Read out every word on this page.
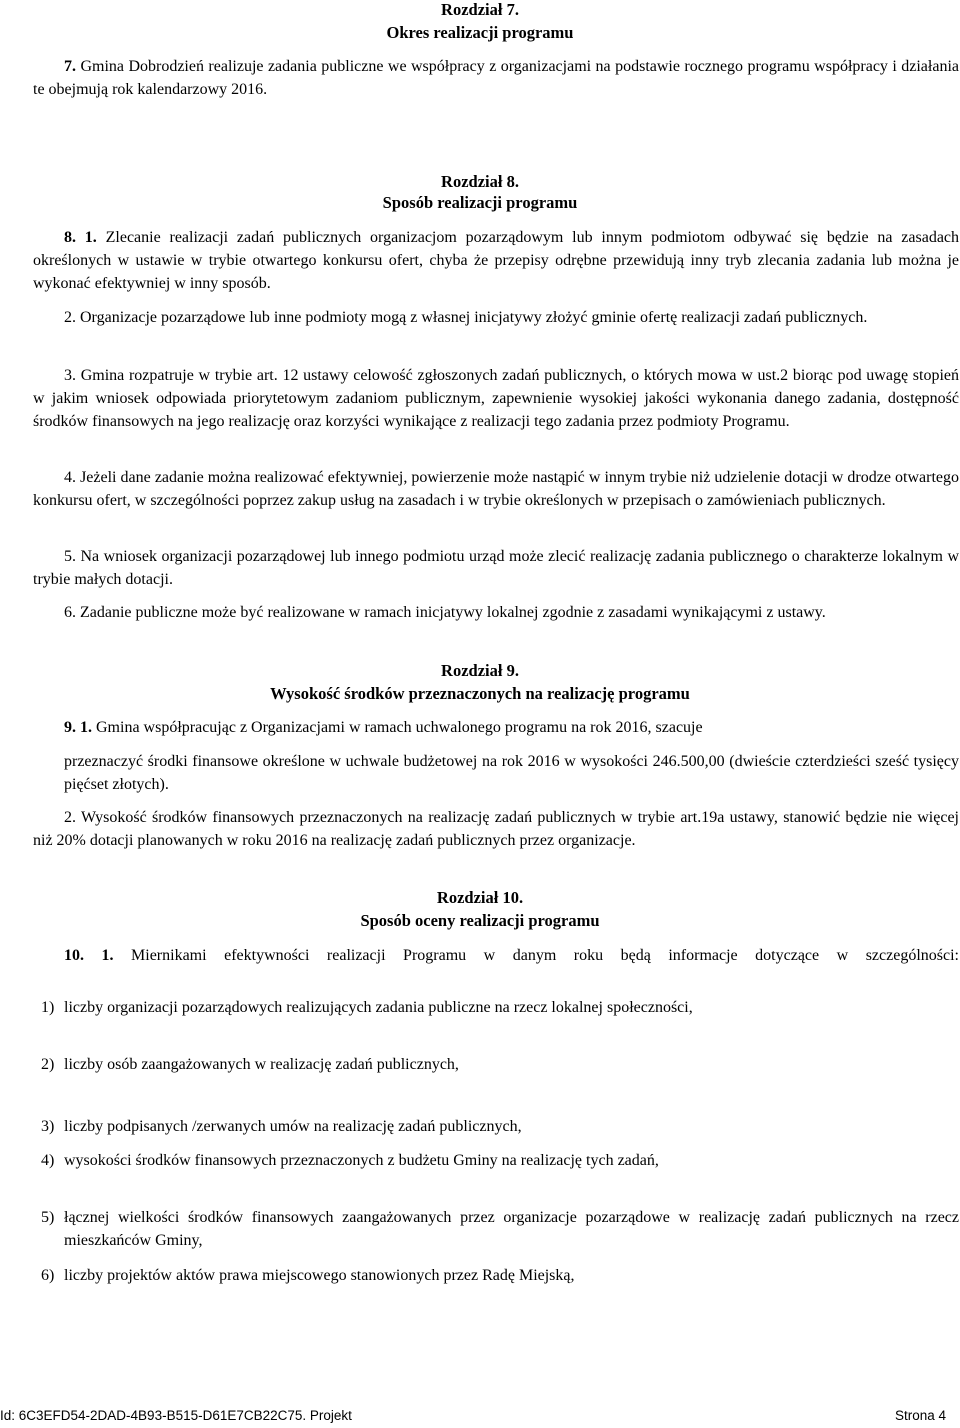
Rozdział 7.
Okres realizacji programu
7. Gmina Dobrodzień realizuje zadania publiczne we współpracy z organizacjami na podstawie rocznego programu współpracy i działania te obejmują rok kalendarzowy 2016.
Rozdział 8.
Sposób realizacji programu
8. 1. Zlecanie realizacji zadań publicznych organizacjom pozarządowym lub innym podmiotom odbywać się będzie na zasadach określonych w ustawie w trybie otwartego konkursu ofert, chyba że przepisy odrębne przewidują inny tryb zlecania zadania lub można je wykonać efektywniej w inny sposób.
2. Organizacje pozarządowe lub inne podmioty mogą z własnej inicjatywy złożyć gminie ofertę realizacji zadań publicznych.
3. Gmina rozpatruje w trybie art. 12 ustawy celowość zgłoszonych zadań publicznych, o których mowa w ust.2 biorąc pod uwagę stopień w jakim wniosek odpowiada priorytetowym zadaniom publicznym, zapewnienie wysokiej jakości wykonania danego zadania, dostępność środków finansowych na jego realizację oraz korzyści wynikające z realizacji tego zadania przez podmioty Programu.
4. Jeżeli dane zadanie można realizować efektywniej, powierzenie może nastąpić w innym trybie niż udzielenie dotacji w drodze otwartego konkursu ofert, w szczególności poprzez zakup usług na zasadach i w trybie określonych w przepisach o zamówieniach publicznych.
5. Na wniosek organizacji pozarządowej lub innego podmiotu urząd może zlecić realizację zadania publicznego o charakterze lokalnym w trybie małych dotacji.
6. Zadanie publiczne może być realizowane w ramach inicjatywy lokalnej zgodnie z zasadami wynikającymi z ustawy.
Rozdział 9.
Wysokość środków przeznaczonych na realizację programu
9. 1. Gmina współpracując z Organizacjami w ramach uchwalonego programu na rok 2016, szacuje
przeznaczyć środki finansowe określone w uchwale budżetowej na rok 2016 w wysokości 246.500,00 (dwieście czterdzieści sześć tysięcy pięćset złotych).
2. Wysokość środków finansowych przeznaczonych na realizację zadań publicznych w trybie art.19a ustawy, stanowić będzie nie więcej niż 20% dotacji planowanych w roku 2016 na realizację zadań publicznych przez organizacje.
Rozdział 10.
Sposób oceny realizacji programu
10. 1. Miernikami efektywności realizacji Programu w danym roku będą informacje dotyczące w szczególności:
1) liczby organizacji pozarządowych realizujących zadania publiczne na rzecz lokalnej społeczności,
2) liczby osób zaangażowanych w realizację zadań publicznych,
3) liczby podpisanych /zerwanych umów na realizację zadań publicznych,
4) wysokości środków finansowych przeznaczonych z budżetu Gminy na realizację tych zadań,
5) łącznej wielkości środków finansowych zaangażowanych przez organizacje pozarządowe w realizację zadań publicznych na rzecz mieszkańców Gminy,
6) liczby projektów aktów prawa miejscowego stanowionych przez Radę Miejską,
Id: 6C3EFD54-2DAD-4B93-B515-D61E7CB22C75. Projekt	Strona 4
